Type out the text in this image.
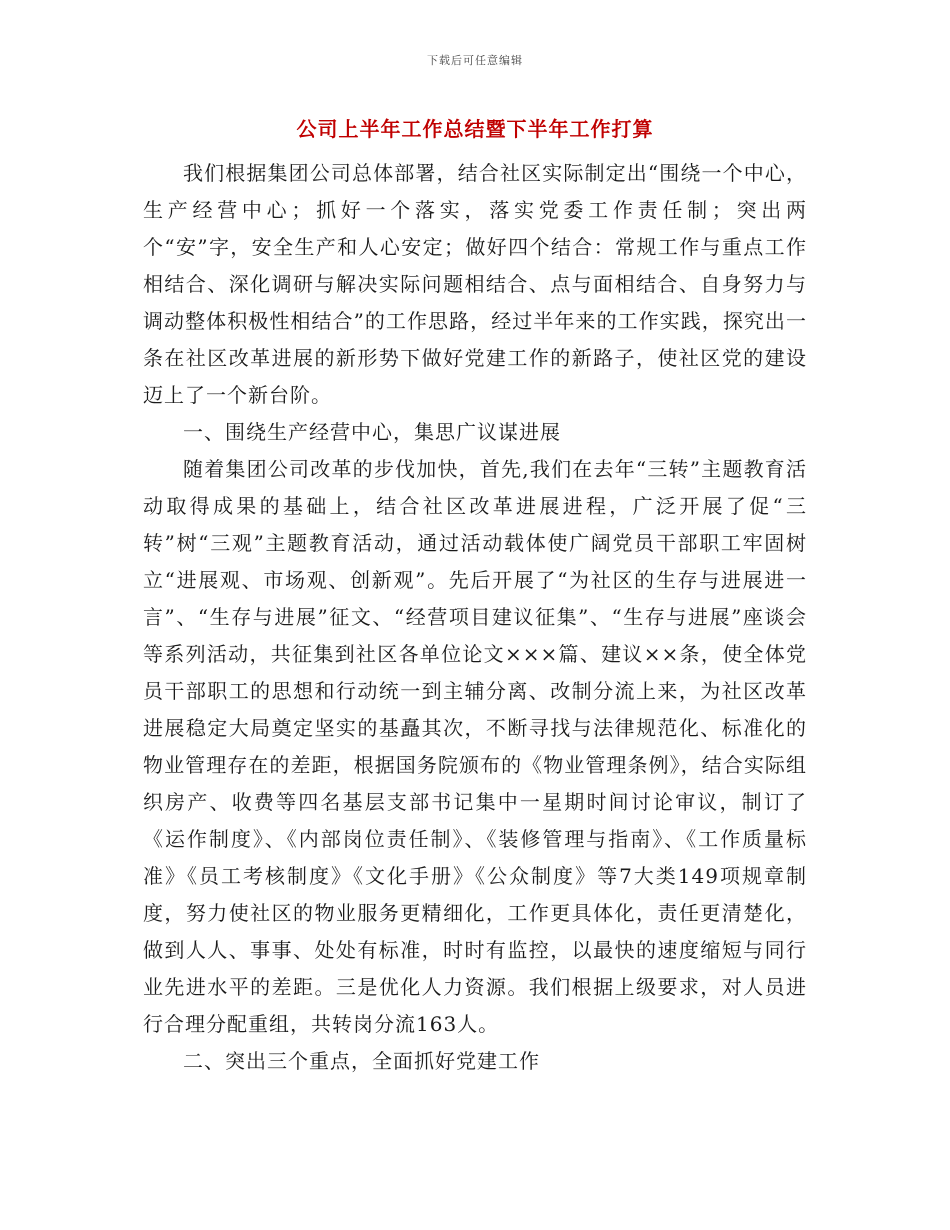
下载后可任意编辑
公司上半年工作总结暨下半年工作打算

我们根据集团公司总体部署，结合社区实际制定出“围绕一个中心，生产经营中心；抓好一个落实，落实党委工作责任制；突出两个“安”字，安全生产和人心安定；做好四个结合：常规工作与重点工作相结合、深化调研与解决实际问题相结合、点与面相结合、自身努力与调动整体积极性相结合”的工作思路，经过半年来的工作实践，探究出一条在社区改革进展的新形势下做好党建工作的新路子，使社区党的建设迈上了一个新台阶。

一、围绕生产经营中心，集思广议谋进展

随着集团公司改革的步伐加快，首先,我们在去年“三转”主题教育活动取得成果的基础上，结合社区改革进展进程，广泛开展了促“三转”树“三观”主题教育活动，通过活动载体使广阔党员干部职工牢固树立“进展观、市场观、创新观”。先后开展了“为社区的生存与进展进一言”、“生存与进展”征文、“经营项目建议征集”、“生存与进展”座谈会等系列活动，共征集到社区各单位论文×××篇、建议××条，使全体党员干部职工的思想和行动统一到主辅分离、改制分流上来，为社区改革进展稳定大局奠定坚实的基矗其次，不断寻找与法律规范化、标准化的物业管理存在的差距，根据国务院颁布的《物业管理条例》，结合实际组织房产、收费等四名基层支部书记集中一星期时间讨论审议，制订了《运作制度》、《内部岗位责任制》、《装修管理与指南》、《工作质量标准》《员工考核制度》《文化手册》《公众制度》等7大类149项规章制度，努力使社区的物业服务更精细化，工作更具体化，责任更清楚化，做到人人、事事、处处有标准，时时有监控，以最快的速度缩短与同行业先进水平的差距。三是优化人力资源。我们根据上级要求，对人员进行合理分配重组，共转岗分流163人。

二、突出三个重点，全面抓好党建工作
